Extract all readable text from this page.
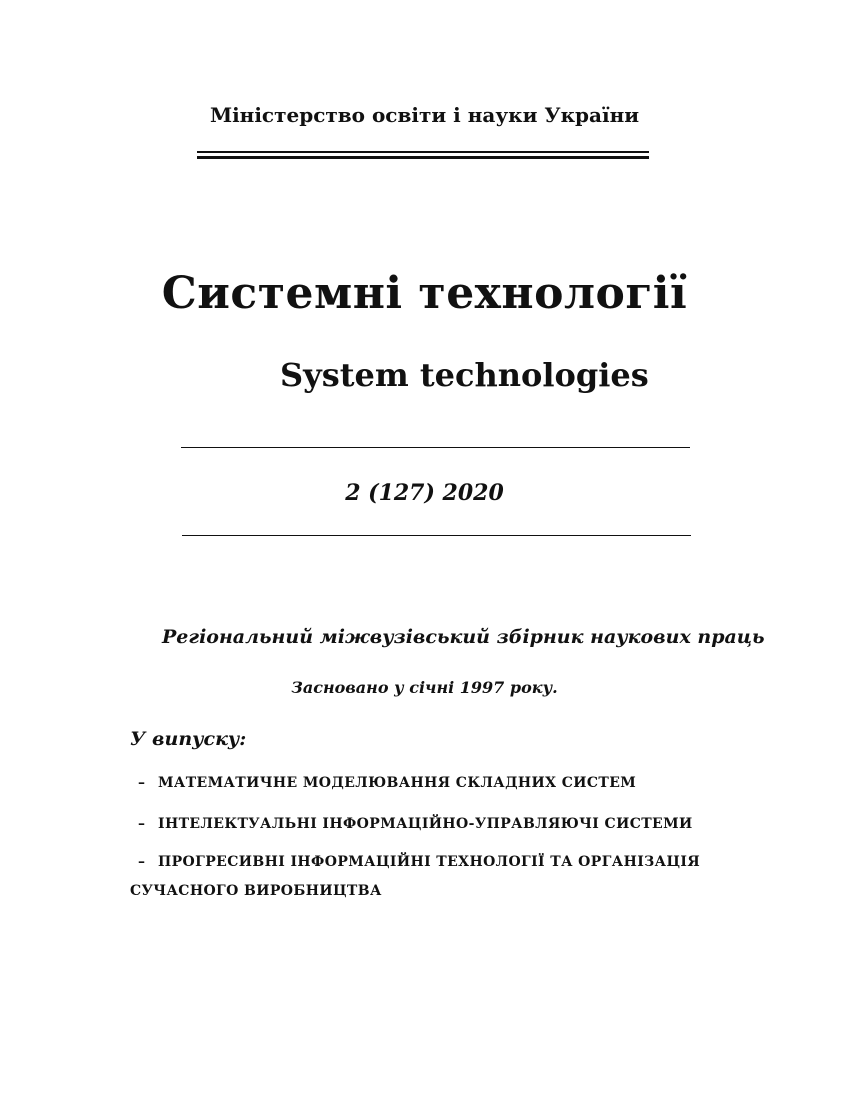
Міністерство освіти і науки України
Системні технології
System technologies
2 (127) 2020
Регіональний міжвузівський збірник наукових праць
Засновано у січні 1997 року.
У випуску:
– МАТЕМАТИЧНЕ МОДЕЛЮВАННЯ СКЛАДНИХ СИСТЕМ
– ІНТЕЛЕКТУАЛЬНІ ІНФОРМАЦІЙНО-УПРАВЛЯЮЧІ СИСТЕМИ
– ПРОГРЕСИВНІ ІНФОРМАЦІЙНІ ТЕХНОЛОГІЇ ТА ОРГАНІЗАЦІЯ
СУЧАСНОГО ВИРОБНИЦТВА
